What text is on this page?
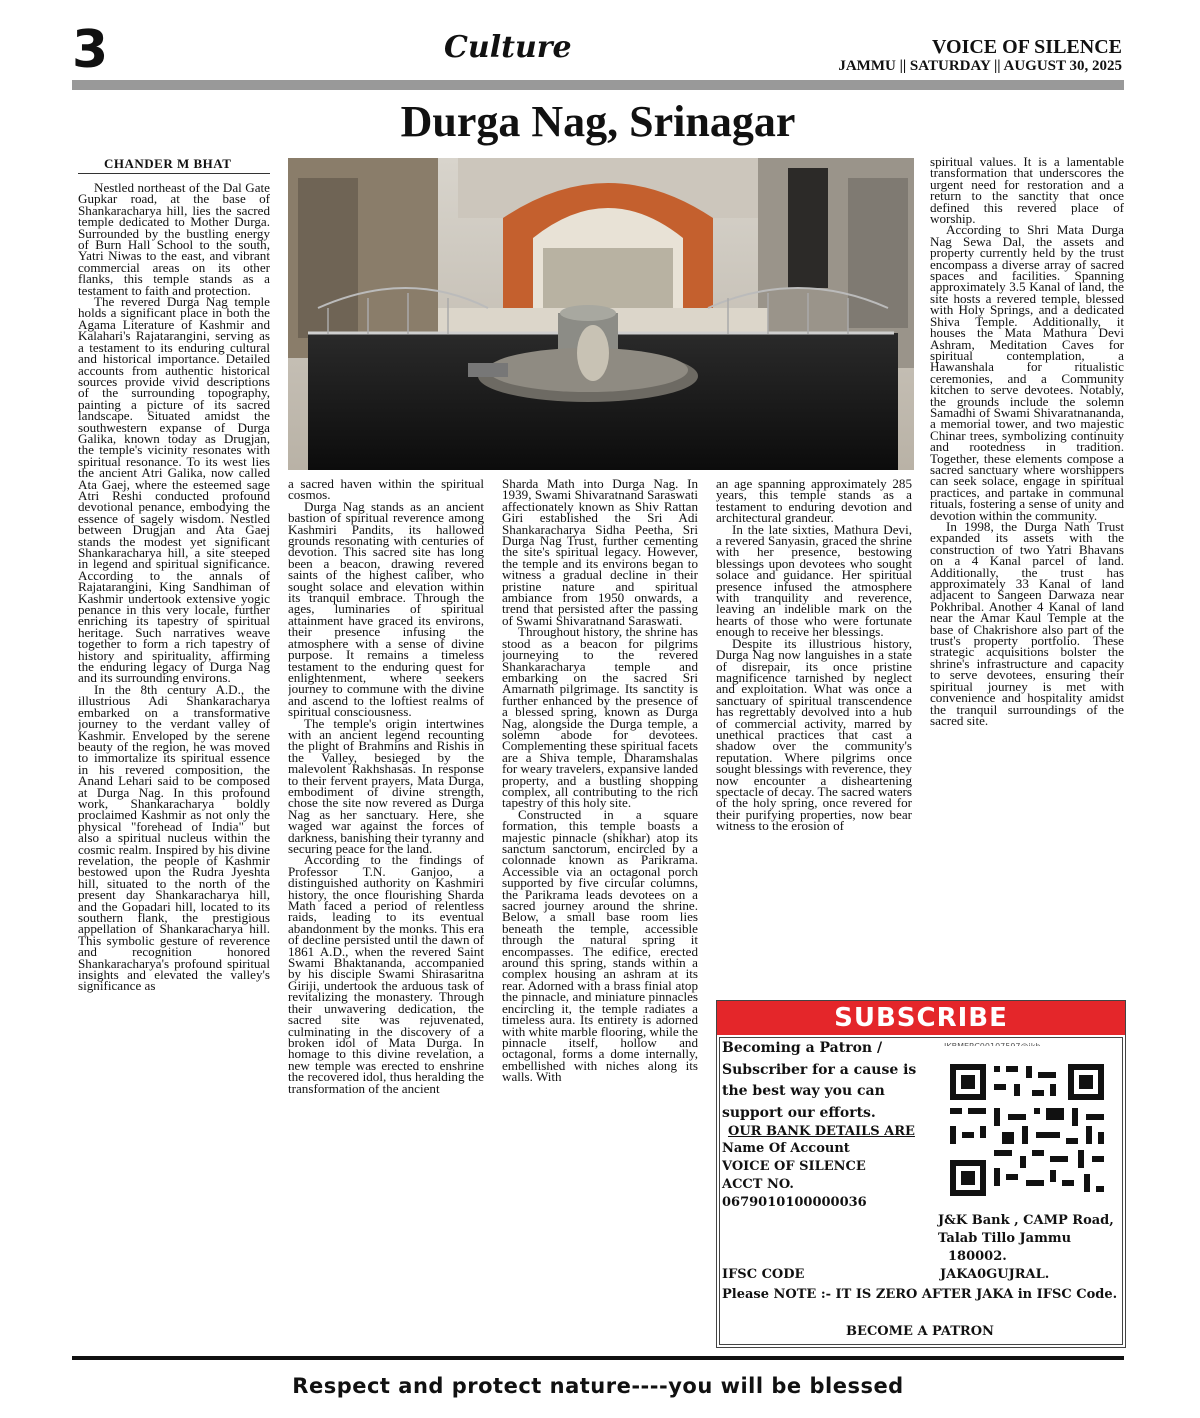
3	Culture	VOICE OF SILENCE
JAMMU || SATURDAY || AUGUST 30, 2025
Durga Nag, Srinagar
CHANDER M BHAT

Nestled northeast of the Dal Gate Gupkar road, at the base of Shankaracharya hill, lies the sacred temple dedicated to Mother Durga. Surrounded by the bustling energy of Burn Hall School to the south, Yatri Niwas to the east, and vibrant commercial areas on its other flanks, this temple stands as a testament to faith and protection.

The revered Durga Nag temple holds a significant place in both the Agama Literature of Kashmir and Kalahari's Rajatarangini, serving as a testament to its enduring cultural and historical importance. Detailed accounts from authentic historical sources provide vivid descriptions of the surrounding topography, painting a picture of its sacred landscape. Situated amidst the southwestern expanse of Durga Galika, known today as Drugjan, the temple's vicinity resonates with spiritual resonance. To its west lies the ancient Atri Galika, now called Ata Gaej, where the esteemed sage Atri Reshi conducted profound devotional penance, embodying the essence of sagely wisdom. Nestled between Drugjan and Ata Gaej stands the modest yet significant Shankaracharya hill, a site steeped in legend and spiritual significance. According to the annals of Rajatarangini, King Sandhiman of Kashmir undertook extensive yogic penance in this very locale, further enriching its tapestry of spiritual heritage. Such narratives weave together to form a rich tapestry of history and spirituality, affirming the enduring legacy of Durga Nag and its surrounding environs.

In the 8th century A.D., the illustrious Adi Shankaracharya embarked on a transformative journey to the verdant valley of Kashmir. Enveloped by the serene beauty of the region, he was moved to immortalize its spiritual essence in his revered composition, the Anand Lehari said to be composed at Durga Nag. In this profound work, Shankaracharya boldly proclaimed Kashmir as not only the physical "forehead of India" but also a spiritual nucleus within the cosmic realm. Inspired by his divine revelation, the people of Kashmir bestowed upon the Rudra Jyeshta hill, situated to the north of the present day Shankaracharya hill, and the Gopadari hill, located to its southern flank, the prestigious appellation of Shankaracharya hill. This symbolic gesture of reverence and recognition honored Shankaracharya's profound spiritual insights and elevated the valley's significance as

a sacred haven within the spiritual cosmos.

Durga Nag stands as an ancient bastion of spiritual reverence among Kashmiri Pandits, its hallowed grounds resonating with centuries of devotion. This sacred site has long been a beacon, drawing revered saints of the highest caliber, who sought solace and elevation within its tranquil embrace. Through the ages, luminaries of spiritual attainment have graced its environs, their presence infusing the atmosphere with a sense of divine purpose. It remains a timeless testament to the enduring quest for enlightenment, where seekers journey to commune with the divine and ascend to the loftiest realms of spiritual consciousness.

The temple's origin intertwines with an ancient legend recounting the plight of Brahmins and Rishis in the Valley, besieged by the malevolent Rakhshasas. In response to their fervent prayers, Mata Durga, embodiment of divine strength, chose the site now revered as Durga Nag as her sanctuary. Here, she waged war against the forces of darkness, banishing their tyranny and securing peace for the land.

According to the findings of Professor T.N. Ganjoo, a distinguished authority on Kashmiri history, the once flourishing Sharda Math faced a period of relentless raids, leading to its eventual abandonment by the monks. This era of decline persisted until the dawn of 1861 A.D., when the revered Saint Swami Bhaktananda, accompanied by his disciple Swami Shirasaritna Giriji, undertook the arduous task of revitalizing the monastery. Through their unwavering dedication, the sacred site was rejuvenated, culminating in the discovery of a broken idol of Mata Durga. In homage to this divine revelation, a new temple was erected to enshrine the recovered idol, thus heralding the transformation of the ancient

Sharda Math into Durga Nag. In 1939, Swami Shivaratnand Saraswati affectionately known as Shiv Rattan Giri established the Sri Adi Shankaracharya Sidha Peetha, Sri Durga Nag Trust, further cementing the site's spiritual legacy. However, the temple and its environs began to witness a gradual decline in their pristine nature and spiritual ambiance from 1950 onwards, a trend that persisted after the passing of Swami Shivaratnand Saraswati.

Throughout history, the shrine has stood as a beacon for pilgrims journeying to the revered Shankaracharya temple and embarking on the sacred Sri Amarnath pilgrimage. Its sanctity is further enhanced by the presence of a blessed spring, known as Durga Nag, alongside the Durga temple, a solemn abode for devotees. Complementing these spiritual facets are a Shiva temple, Dharamshalas for weary travelers, expansive landed property, and a bustling shopping complex, all contributing to the rich tapestry of this holy site.

Constructed in a square formation, this temple boasts a majestic pinnacle (shikhar) atop its sanctum sanctorum, encircled by a colonnade known as Parikrama. Accessible via an octagonal porch supported by five circular columns, the Parikrama leads devotees on a sacred journey around the shrine. Below, a small base room lies beneath the temple, accessible through the natural spring it encompasses. The edifice, erected around this spring, stands within a complex housing an ashram at its rear. Adorned with a brass finial atop the pinnacle, and miniature pinnacles encircling it, the temple radiates a timeless aura. Its entirety is adorned with white marble flooring, while the pinnacle itself, hollow and octagonal, forms a dome internally, embellished with niches along its walls. With

an age spanning approximately 285 years, this temple stands as a testament to enduring devotion and architectural grandeur.

In the late sixties, Mathura Devi, a revered Sanyasin, graced the shrine with her presence, bestowing blessings upon devotees who sought solace and guidance. Her spiritual presence infused the atmosphere with tranquility and reverence, leaving an indelible mark on the hearts of those who were fortunate enough to receive her blessings.

Despite its illustrious history, Durga Nag now languishes in a state of disrepair, its once pristine magnificence tarnished by neglect and exploitation. What was once a sanctuary of spiritual transcendence has regrettably devolved into a hub of commercial activity, marred by unethical practices that cast a shadow over the community's reputation. Where pilgrims once sought blessings with reverence, they now encounter a disheartening spectacle of decay. The sacred waters of the holy spring, once revered for their purifying properties, now bear witness to the erosion of

spiritual values. It is a lamentable transformation that underscores the urgent need for restoration and a return to the sanctity that once defined this revered place of worship.

According to Shri Mata Durga Nag Sewa Dal, the assets and property currently held by the trust encompass a diverse array of sacred spaces and facilities. Spanning approximately 3.5 Kanal of land, the site hosts a revered temple, blessed with Holy Springs, and a dedicated Shiva Temple. Additionally, it houses the Mata Mathura Devi Ashram, Meditation Caves for spiritual contemplation, a Hawanshala for ritualistic ceremonies, and a Community kitchen to serve devotees. Notably, the grounds include the solemn Samadhi of Swami Shivaratnananda, a memorial tower, and two majestic Chinar trees, symbolizing continuity and rootedness in tradition. Together, these elements compose a sacred sanctuary where worshippers can seek solace, engage in spiritual practices, and partake in communal rituals, fostering a sense of unity and devotion within the community.

In 1998, the Durga Nath Trust expanded its assets with the construction of two Yatri Bhavans on a 4 Kanal parcel of land. Additionally, the trust has approximately 33 Kanal of land adjacent to Sangeen Darwaza near Pokhribal. Another 4 Kanal of land near the Amar Kaul Temple at the base of Chakrishore also part of the trust's property portfolio. These strategic acquisitions bolster the shrine's infrastructure and capacity to serve devotees, ensuring their spiritual journey is met with convenience and hospitality amidst the tranquil surroundings of the sacred site.

SUBSCRIBE
Becoming a Patron / Subscriber for a cause is the best way you can support our efforts.
OUR BANK DETAILS ARE
Name Of Account
VOICE OF SILENCE
ACCT NO.
0679010100000036
J&K Bank , CAMP Road,
Talab Tillo Jammu
180002.
IFSC CODE	JAKA0GUJRAL.
Please NOTE :- IT IS ZERO AFTER JAKA in IFSC Code.
BECOME A PATRON
Respect and protect nature----you will be blessed
